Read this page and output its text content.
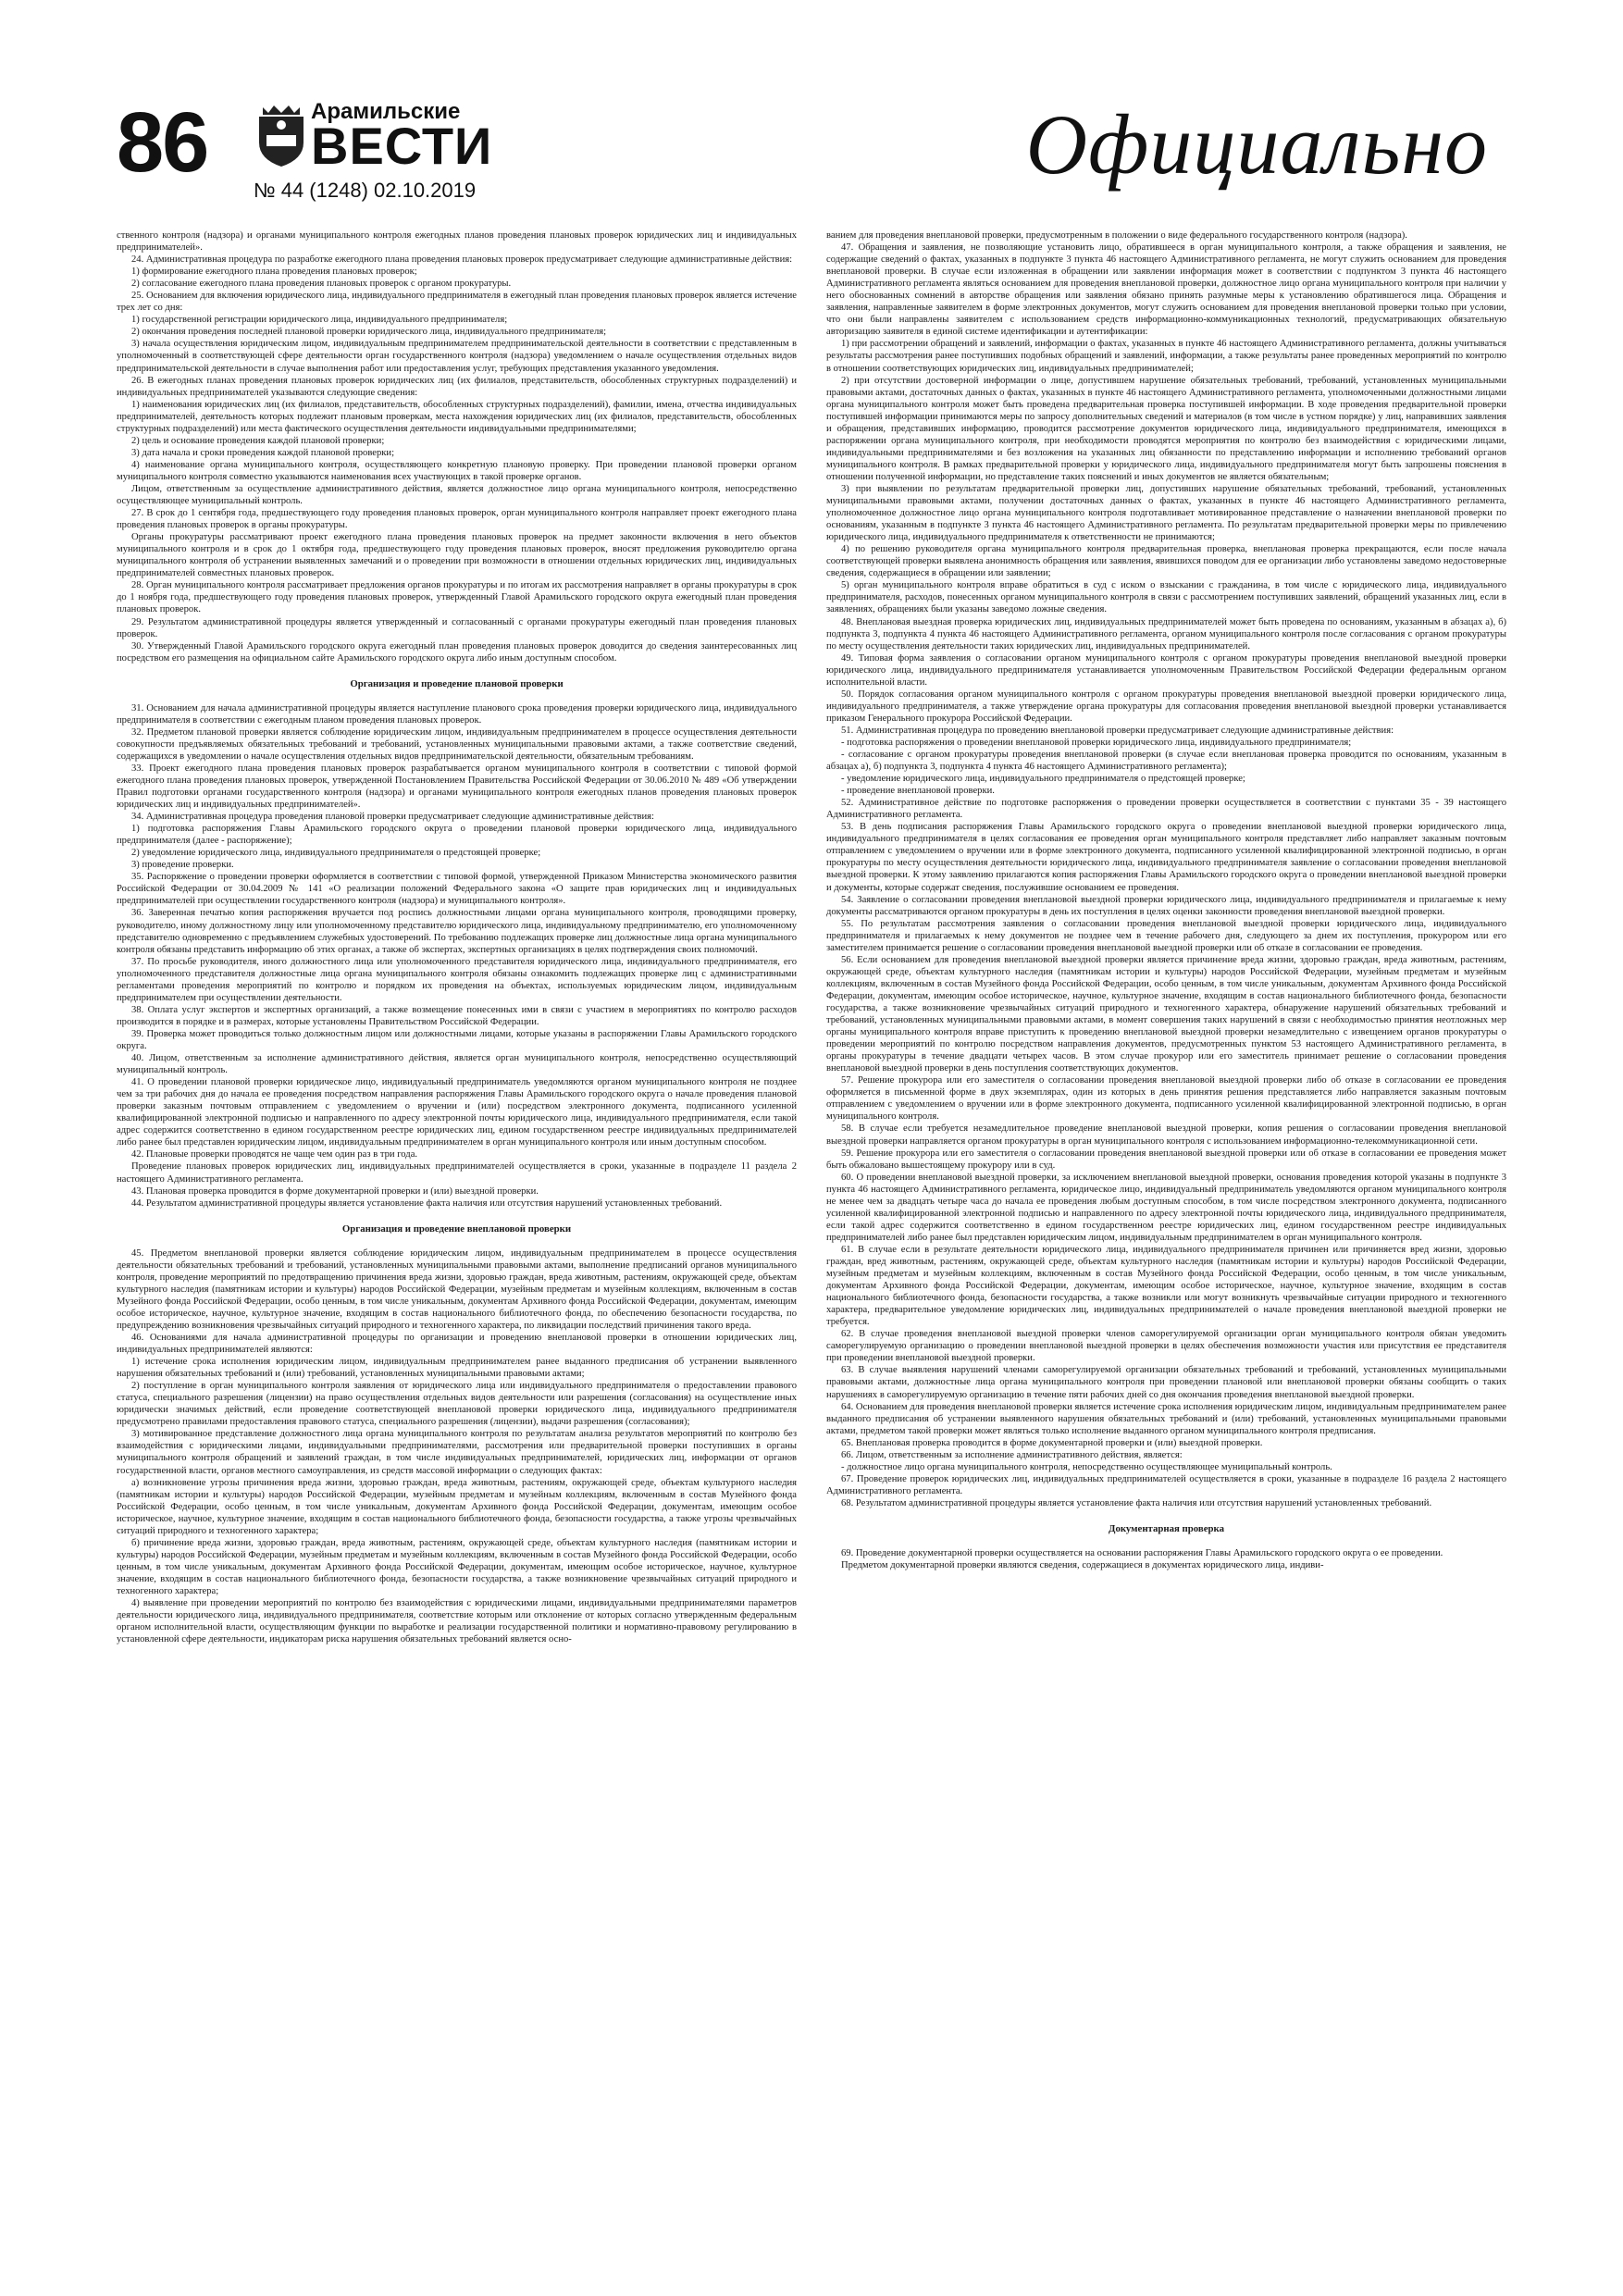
86	Арамильские
ВЕСТИ
№ 44 (1248) 02.10.2019	Официально

ственного контроля (надзора) и органами муниципального контроля ежегодных планов проведения плановых проверок юридических лиц и индивидуальных предпринимателей».

24. Административная процедура по разработке ежегодного плана проведения плановых проверок предусматривает следующие административные действия:

1) формирование ежегодного плана проведения плановых проверок;

2) согласование ежегодного плана проведения плановых проверок с органом прокуратуры.

25. Основанием для включения юридического лица, индивидуального предпринимателя в ежегодный план проведения плановых проверок является истечение трех лет со дня:

1) государственной регистрации юридического лица, индивидуального предпринимателя;

2) окончания проведения последней плановой проверки юридического лица, индивидуального предпринимателя;

3) начала осуществления юридическим лицом, индивидуальным предпринимателем предпринимательской деятельности в соответствии с представленным в уполномоченный в соответствующей сфере деятельности орган государственного контроля (надзора) уведомлением о начале осуществления отдельных видов предпринимательской деятельности в случае выполнения работ или предоставления услуг, требующих представления указанного уведомления.

26. В ежегодных планах проведения плановых проверок юридических лиц (их филиалов, представительств, обособленных структурных подразделений) и индивидуальных предпринимателей указываются следующие сведения:

1) наименования юридических лиц (их филиалов, представительств, обособленных структурных подразделений), фамилии, имена, отчества индивидуальных предпринимателей, деятельность которых подлежит плановым проверкам, места нахождения юридических лиц (их филиалов, представительств, обособленных структурных подразделений) или места фактического осуществления деятельности индивидуальными предпринимателями;

2) цель и основание проведения каждой плановой проверки;

3) дата начала и сроки проведения каждой плановой проверки;

4) наименование органа муниципального контроля, осуществляющего конкретную плановую проверку. При проведении плановой проверки органом муниципального контроля совместно указываются наименования всех участвующих в такой проверке органов.

Лицом, ответственным за осуществление административного действия, является должностное лицо органа муниципального контроля, непосредственно осуществляющее муниципальный контроль.

27. В срок до 1 сентября года, предшествующего году проведения плановых проверок, орган муниципального контроля направляет проект ежегодного плана проведения плановых проверок в органы прокуратуры.

Органы прокуратуры рассматривают проект ежегодного плана проведения плановых проверок на предмет законности включения в него объектов муниципального контроля и в срок до 1 октября года, предшествующего году проведения плановых проверок, вносят предложения руководителю органа муниципального контроля об устранении выявленных замечаний и о проведении при возможности в отношении отдельных юридических лиц, индивидуальных предпринимателей совместных плановых проверок.

28. Орган муниципального контроля рассматривает предложения органов прокуратуры и по итогам их рассмотрения направляет в органы прокуратуры в срок до 1 ноября года, предшествующего году проведения плановых проверок, утвержденный Главой Арамильского городского округа ежегодный план проведения плановых проверок.

29. Результатом административной процедуры является утвержденный и согласованный с органами прокуратуры ежегодный план проведения плановых проверок.

30. Утвержденный Главой Арамильского городского округа ежегодный план проведения плановых проверок доводится до сведения заинтересованных лиц посредством его размещения на официальном сайте Арамильского городского округа либо иным доступным способом.

Организация и проведение плановой проверки

31. Основанием для начала административной процедуры является наступление планового срока проведения проверки юридического лица, индивидуального предпринимателя в соответствии с ежегодным планом проведения плановых проверок.

32. Предметом плановой проверки является соблюдение юридическим лицом, индивидуальным предпринимателем в процессе осуществления деятельности совокупности предъявляемых обязательных требований и требований, установленных муниципальными правовыми актами, а также соответствие сведений, содержащихся в уведомлении о начале осуществления отдельных видов предпринимательской деятельности, обязательным требованиям.

33. Проект ежегодного плана проведения плановых проверок разрабатывается органом муниципального контроля в соответствии с типовой формой ежегодного плана проведения плановых проверок, утвержденной Постановлением Правительства Российской Федерации от 30.06.2010 № 489 «Об утверждении Правил подготовки органами государственного контроля (надзора) и органами муниципального контроля ежегодных планов проведения плановых проверок юридических лиц и индивидуальных предпринимателей».

34. Административная процедура проведения плановой проверки предусматривает следующие административные действия:

1) подготовка распоряжения Главы Арамильского городского округа о проведении плановой проверки юридического лица, индивидуального предпринимателя (далее - распоряжение);

2) уведомление юридического лица, индивидуального предпринимателя о предстоящей проверке;

3) проведение проверки.

35. Распоряжение о проведении проверки оформляется в соответствии с типовой формой, утвержденной Приказом Министерства экономического развития Российской Федерации от 30.04.2009 № 141 «О реализации положений Федерального закона «О защите прав юридических лиц и индивидуальных предпринимателей при осуществлении государственного контроля (надзора) и муниципального контроля».

36. Заверенная печатью копия распоряжения вручается под роспись должностными лицами органа муниципального контроля, проводящими проверку, руководителю, иному должностному лицу или уполномоченному представителю юридического лица, индивидуальному предпринимателю, его уполномоченному представителю одновременно с предъявлением служебных удостоверений. По требованию подлежащих проверке лиц должностные лица органа муниципального контроля обязаны представить информацию об этих органах, а также об экспертах, экспертных организациях в целях подтверждения своих полномочий.

37. По просьбе руководителя, иного должностного лица или уполномоченного представителя юридического лица, индивидуального предпринимателя, его уполномоченного представителя должностные лица органа муниципального контроля обязаны ознакомить подлежащих проверке лиц с административными регламентами проведения мероприятий по контролю и порядком их проведения на объектах, используемых юридическим лицом, индивидуальным предпринимателем при осуществлении деятельности.

38. Оплата услуг экспертов и экспертных организаций, а также возмещение понесенных ими в связи с участием в мероприятиях по контролю расходов производится в порядке и в размерах, которые установлены Правительством Российской Федерации.

39. Проверка может проводиться только должностным лицом или должностными лицами, которые указаны в распоряжении Главы Арамильского городского округа.

40. Лицом, ответственным за исполнение административного действия, является орган муниципального контроля, непосредственно осуществляющий муниципальный контроль.

41. О проведении плановой проверки юридическое лицо, индивидуальный предприниматель уведомляются органом муниципального контроля не позднее чем за три рабочих дня до начала ее проведения посредством направления распоряжения Главы Арамильского городского округа о начале проведения плановой проверки заказным почтовым отправлением с уведомлением о вручении и (или) посредством электронного документа, подписанного усиленной квалифицированной электронной подписью и направленного по адресу электронной почты юридического лица, индивидуального предпринимателя, если такой адрес содержится соответственно в едином государственном реестре юридических лиц, едином государственном реестре индивидуальных предпринимателей либо ранее был представлен юридическим лицом, индивидуальным предпринимателем в орган муниципального контроля или иным доступным способом.

42. Плановые проверки проводятся не чаще чем один раз в три года.

Проведение плановых проверок юридических лиц, индивидуальных предпринимателей осуществляется в сроки, указанные в подразделе 11 раздела 2 настоящего Административного регламента.

43. Плановая проверка проводится в форме документарной проверки и (или) выездной проверки.

44. Результатом административной процедуры является установление факта наличия или отсутствия нарушений установленных требований.

Организация и проведение внеплановой проверки

45. Предметом внеплановой проверки является соблюдение юридическим лицом, индивидуальным предпринимателем в процессе осуществления деятельности обязательных требований и требований, установленных муниципальными правовыми актами, выполнение предписаний органов муниципального контроля, проведение мероприятий по предотвращению причинения вреда жизни, здоровью граждан, вреда животным, растениям, окружающей среде, объектам культурного наследия (памятникам истории и культуры) народов Российской Федерации, музейным предметам и музейным коллекциям, включенным в состав Музейного фонда Российской Федерации, особо ценным, в том числе уникальным, документам Архивного фонда Российской Федерации, документам, имеющим особое историческое, научное, культурное значение, входящим в состав национального библиотечного фонда, по обеспечению безопасности государства, по предупреждению возникновения чрезвычайных ситуаций природного и техногенного характера, по ликвидации последствий причинения такого вреда.

46. Основаниями для начала административной процедуры по организации и проведению внеплановой проверки в отношении юридических лиц, индивидуальных предпринимателей являются:

1) истечение срока исполнения юридическим лицом, индивидуальным предпринимателем ранее выданного предписания об устранении выявленного нарушения обязательных требований и (или) требований, установленных муниципальными правовыми актами;

2) поступление в орган муниципального контроля заявления от юридического лица или индивидуального предпринимателя о предоставлении правового статуса, специального разрешения (лицензии) на право осуществления отдельных видов деятельности или разрешения (согласования) на осуществление иных юридически значимых действий, если проведение соответствующей внеплановой проверки юридического лица, индивидуального предпринимателя предусмотрено правилами предоставления правового статуса, специального разрешения (лицензии), выдачи разрешения (согласования);

3) мотивированное представление должностного лица органа муниципального контроля по результатам анализа результатов мероприятий по контролю без взаимодействия с юридическими лицами, индивидуальными предпринимателями, рассмотрения или предварительной проверки поступивших в органы муниципального контроля обращений и заявлений граждан, в том числе индивидуальных предпринимателей, юридических лиц, информации от органов государственной власти, органов местного самоуправления, из средств массовой информации о следующих фактах:

а) возникновение угрозы причинения вреда жизни, здоровью граждан, вреда животным, растениям, окружающей среде, объектам культурного наследия (памятникам истории и культуры) народов Российской Федерации, музейным предметам и музейным коллекциям, включенным в состав Музейного фонда Российской Федерации, особо ценным, в том числе уникальным, документам Архивного фонда Российской Федерации, документам, имеющим особое историческое, научное, культурное значение, входящим в состав национального библиотечного фонда, безопасности государства, а также угрозы чрезвычайных ситуаций природного и техногенного характера;

б) причинение вреда жизни, здоровью граждан, вреда животным, растениям, окружающей среде, объектам культурного наследия (памятникам истории и культуры) народов Российской Федерации, музейным предметам и музейным коллекциям, включенным в состав Музейного фонда Российской Федерации, особо ценным, в том числе уникальным, документам Архивного фонда Российской Федерации, документам, имеющим особое историческое, научное, культурное значение, входящим в состав национального библиотечного фонда, безопасности государства, а также возникновение чрезвычайных ситуаций природного и техногенного характера;

4) выявление при проведении мероприятий по контролю без взаимодействия с юридическими лицами, индивидуальными предпринимателями параметров деятельности юридического лица, индивидуального предпринимателя, соответствие которым или отклонение от которых согласно утвержденным федеральным органом исполнительной власти, осуществляющим функции по выработке и реализации государственной политики и нормативно-правовому регулированию в установленной сфере деятельности, индикаторам риска нарушения обязательных требований является осно-

ванием для проведения внеплановой проверки, предусмотренным в положении о виде федерального государственного контроля (надзора).

47. Обращения и заявления, не позволяющие установить лицо, обратившееся в орган муниципального контроля, а также обращения и заявления, не содержащие сведений о фактах, указанных в подпункте 3 пункта 46 настоящего Административного регламента, не могут служить основанием для проведения внеплановой проверки. В случае если изложенная в обращении или заявлении информация может в соответствии с подпунктом 3 пункта 46 настоящего Административного регламента являться основанием для проведения внеплановой проверки, должностное лицо органа муниципального контроля при наличии у него обоснованных сомнений в авторстве обращения или заявления обязано принять разумные меры к установлению обратившегося лица. Обращения и заявления, направленные заявителем в форме электронных документов, могут служить основанием для проведения внеплановой проверки только при условии, что они были направлены заявителем с использованием средств информационно-коммуникационных технологий, предусматривающих обязательную авторизацию заявителя в единой системе идентификации и аутентификации:

1) при рассмотрении обращений и заявлений, информации о фактах, указанных в пункте 46 настоящего Административного регламента, должны учитываться результаты рассмотрения ранее поступивших подобных обращений и заявлений, информации, а также результаты ранее проведенных мероприятий по контролю в отношении соответствующих юридических лиц, индивидуальных предпринимателей;

2) при отсутствии достоверной информации о лице, допустившем нарушение обязательных требований, требований, установленных муниципальными правовыми актами, достаточных данных о фактах, указанных в пункте 46 настоящего Административного регламента, уполномоченными должностными лицами органа муниципального контроля может быть проведена предварительная проверка поступившей информации. В ходе проведения предварительной проверки поступившей информации принимаются меры по запросу дополнительных сведений и материалов (в том числе в устном порядке) у лиц, направивших заявления и обращения, представивших информацию, проводится рассмотрение документов юридического лица, индивидуального предпринимателя, имеющихся в распоряжении органа муниципального контроля, при необходимости проводятся мероприятия по контролю без взаимодействия с юридическими лицами, индивидуальными предпринимателями и без возложения на указанных лиц обязанности по представлению информации и исполнению требований органов муниципального контроля. В рамках предварительной проверки у юридического лица, индивидуального предпринимателя могут быть запрошены пояснения в отношении полученной информации, но представление таких пояснений и иных документов не является обязательным;

3) при выявлении по результатам предварительной проверки лиц, допустивших нарушение обязательных требований, требований, установленных муниципальными правовыми актами, получении достаточных данных о фактах, указанных в пункте 46 настоящего Административного регламента, уполномоченное должностное лицо органа муниципального контроля подготавливает мотивированное представление о назначении внеплановой проверки по основаниям, указанным в подпункте 3 пункта 46 настоящего Административного регламента. По результатам предварительной проверки меры по привлечению юридического лица, индивидуального предпринимателя к ответственности не принимаются;

4) по решению руководителя органа муниципального контроля предварительная проверка, внеплановая проверка прекращаются, если после начала соответствующей проверки выявлена анонимность обращения или заявления, явившихся поводом для ее организации либо установлены заведомо недостоверные сведения, содержащиеся в обращении или заявлении;

5) орган муниципального контроля вправе обратиться в суд с иском о взыскании с гражданина, в том числе с юридического лица, индивидуального предпринимателя, расходов, понесенных органом муниципального контроля в связи с рассмотрением поступивших заявлений, обращений указанных лиц, если в заявлениях, обращениях были указаны заведомо ложные сведения.

48. Внеплановая выездная проверка юридических лиц, индивидуальных предпринимателей может быть проведена по основаниям, указанным в абзацах а), б) подпункта 3, подпункта 4 пункта 46 настоящего Административного регламента, органом муниципального контроля после согласования с органом прокуратуры по месту осуществления деятельности таких юридических лиц, индивидуальных предпринимателей.

49. Типовая форма заявления о согласовании органом муниципального контроля с органом прокуратуры проведения внеплановой выездной проверки юридического лица, индивидуального предпринимателя устанавливается уполномоченным Правительством Российской Федерации федеральным органом исполнительной власти.

50. Порядок согласования органом муниципального контроля с органом прокуратуры проведения внеплановой выездной проверки юридического лица, индивидуального предпринимателя, а также утверждение органа прокуратуры для согласования проведения внеплановой выездной проверки устанавливается приказом Генерального прокурора Российской Федерации.

51. Административная процедура по проведению внеплановой проверки предусматривает следующие административные действия:

- подготовка распоряжения о проведении внеплановой проверки юридического лица, индивидуального предпринимателя;

- согласование с органом прокуратуры проведения внеплановой проверки (в случае если внеплановая проверка проводится по основаниям, указанным в абзацах а), б) подпункта 3, подпункта 4 пункта 46 настоящего Административного регламента);

- уведомление юридического лица, индивидуального предпринимателя о предстоящей проверке;

- проведение внеплановой проверки.

52. Административное действие по подготовке распоряжения о проведении проверки осуществляется в соответствии с пунктами 35 - 39 настоящего Административного регламента.

53. В день подписания распоряжения Главы Арамильского городского округа о проведении внеплановой выездной проверки юридического лица, индивидуального предпринимателя в целях согласования ее проведения орган муниципального контроля представляет либо направляет заказным почтовым отправлением с уведомлением о вручении или в форме электронного документа, подписанного усиленной квалифицированной электронной подписью, в орган прокуратуры по месту осуществления деятельности юридического лица, индивидуального предпринимателя заявление о согласовании проведения внеплановой выездной проверки. К этому заявлению прилагаются копия распоряжения Главы Арамильского городского округа о проведении внеплановой выездной проверки и документы, которые содержат сведения, послужившие основанием ее проведения.

54. Заявление о согласовании проведения внеплановой выездной проверки юридического лица, индивидуального предпринимателя и прилагаемые к нему документы рассматриваются органом прокуратуры в день их поступления в целях оценки законности проведения внеплановой выездной проверки.

55. По результатам рассмотрения заявления о согласовании проведения внеплановой выездной проверки юридического лица, индивидуального предпринимателя и прилагаемых к нему документов не позднее чем в течение рабочего дня, следующего за днем их поступления, прокурором или его заместителем принимается решение о согласовании проведения внеплановой выездной проверки или об отказе в согласовании ее проведения.

56. Если основанием для проведения внеплановой выездной проверки является причинение вреда жизни, здоровью граждан, вреда животным, растениям, окружающей среде, объектам культурного наследия (памятникам истории и культуры) народов Российской Федерации, музейным предметам и музейным коллекциям, включенным в состав Музейного фонда Российской Федерации, особо ценным, в том числе уникальным, документам Архивного фонда Российской Федерации, документам, имеющим особое историческое, научное, культурное значение, входящим в состав национального библиотечного фонда, безопасности государства, а также возникновение чрезвычайных ситуаций природного и техногенного характера, обнаружение нарушений обязательных требований и требований, установленных муниципальными правовыми актами, в момент совершения таких нарушений в связи с необходимостью принятия неотложных мер органы муниципального контроля вправе приступить к проведению внеплановой выездной проверки незамедлительно с извещением органов прокуратуры о проведении мероприятий по контролю посредством направления документов, предусмотренных пунктом 53 настоящего Административного регламента, в органы прокуратуры в течение двадцати четырех часов. В этом случае прокурор или его заместитель принимает решение о согласовании проведения внеплановой выездной проверки в день поступления соответствующих документов.

57. Решение прокурора или его заместителя о согласовании проведения внеплановой выездной проверки либо об отказе в согласовании ее проведения оформляется в письменной форме в двух экземплярах, один из которых в день принятия решения представляется либо направляется заказным почтовым отправлением с уведомлением о вручении или в форме электронного документа, подписанного усиленной квалифицированной электронной подписью, в орган муниципального контроля.

58. В случае если требуется незамедлительное проведение внеплановой выездной проверки, копия решения о согласовании проведения внеплановой выездной проверки направляется органом прокуратуры в орган муниципального контроля с использованием информационно-телекоммуникационной сети.

59. Решение прокурора или его заместителя о согласовании проведения внеплановой выездной проверки или об отказе в согласовании ее проведения может быть обжаловано вышестоящему прокурору или в суд.

60. О проведении внеплановой выездной проверки, за исключением внеплановой выездной проверки, основания проведения которой указаны в подпункте 3 пункта 46 настоящего Административного регламента, юридическое лицо, индивидуальный предприниматель уведомляются органом муниципального контроля не менее чем за двадцать четыре часа до начала ее проведения любым доступным способом, в том числе посредством электронного документа, подписанного усиленной квалифицированной электронной подписью и направленного по адресу электронной почты юридического лица, индивидуального предпринимателя, если такой адрес содержится соответственно в едином государственном реестре юридических лиц, едином государственном реестре индивидуальных предпринимателей либо ранее был представлен юридическим лицом, индивидуальным предпринимателем в орган муниципального контроля.

61. В случае если в результате деятельности юридического лица, индивидуального предпринимателя причинен или причиняется вред жизни, здоровью граждан, вред животным, растениям, окружающей среде, объектам культурного наследия (памятникам истории и культуры) народов Российской Федерации, музейным предметам и музейным коллекциям, включенным в состав Музейного фонда Российской Федерации, особо ценным, в том числе уникальным, документам Архивного фонда Российской Федерации, документам, имеющим особое историческое, научное, культурное значение, входящим в состав национального библиотечного фонда, безопасности государства, а также возникли или могут возникнуть чрезвычайные ситуации природного и техногенного характера, предварительное уведомление юридических лиц, индивидуальных предпринимателей о начале проведения внеплановой выездной проверки не требуется.

62. В случае проведения внеплановой выездной проверки членов саморегулируемой организации орган муниципального контроля обязан уведомить саморегулируемую организацию о проведении внеплановой выездной проверки в целях обеспечения возможности участия или присутствия ее представителя при проведении внеплановой выездной проверки.

63. В случае выявления нарушений членами саморегулируемой организации обязательных требований и требований, установленных муниципальными правовыми актами, должностные лица органа муниципального контроля при проведении плановой или внеплановой проверки обязаны сообщить о таких нарушениях в саморегулируемую организацию в течение пяти рабочих дней со дня окончания проведения внеплановой выездной проверки.

64. Основанием для проведения внеплановой проверки является истечение срока исполнения юридическим лицом, индивидуальным предпринимателем ранее выданного предписания об устранении выявленного нарушения обязательных требований и (или) требований, установленных муниципальными правовыми актами, предметом такой проверки может являться только исполнение выданного органом муниципального контроля предписания.

65. Внеплановая проверка проводится в форме документарной проверки и (или) выездной проверки.

66. Лицом, ответственным за исполнение административного действия, является:

- должностное лицо органа муниципального контроля, непосредственно осуществляющее муниципальный контроль.

67. Проведение проверок юридических лиц, индивидуальных предпринимателей осуществляется в сроки, указанные в подразделе 16 раздела 2 настоящего Административного регламента.

68. Результатом административной процедуры является установление факта наличия или отсутствия нарушений установленных требований.

Документарная проверка

69. Проведение документарной проверки осуществляется на основании распоряжения Главы Арамильского городского округа о ее проведении.

Предметом документарной проверки являются сведения, содержащиеся в документах юридического лица, индиви-
